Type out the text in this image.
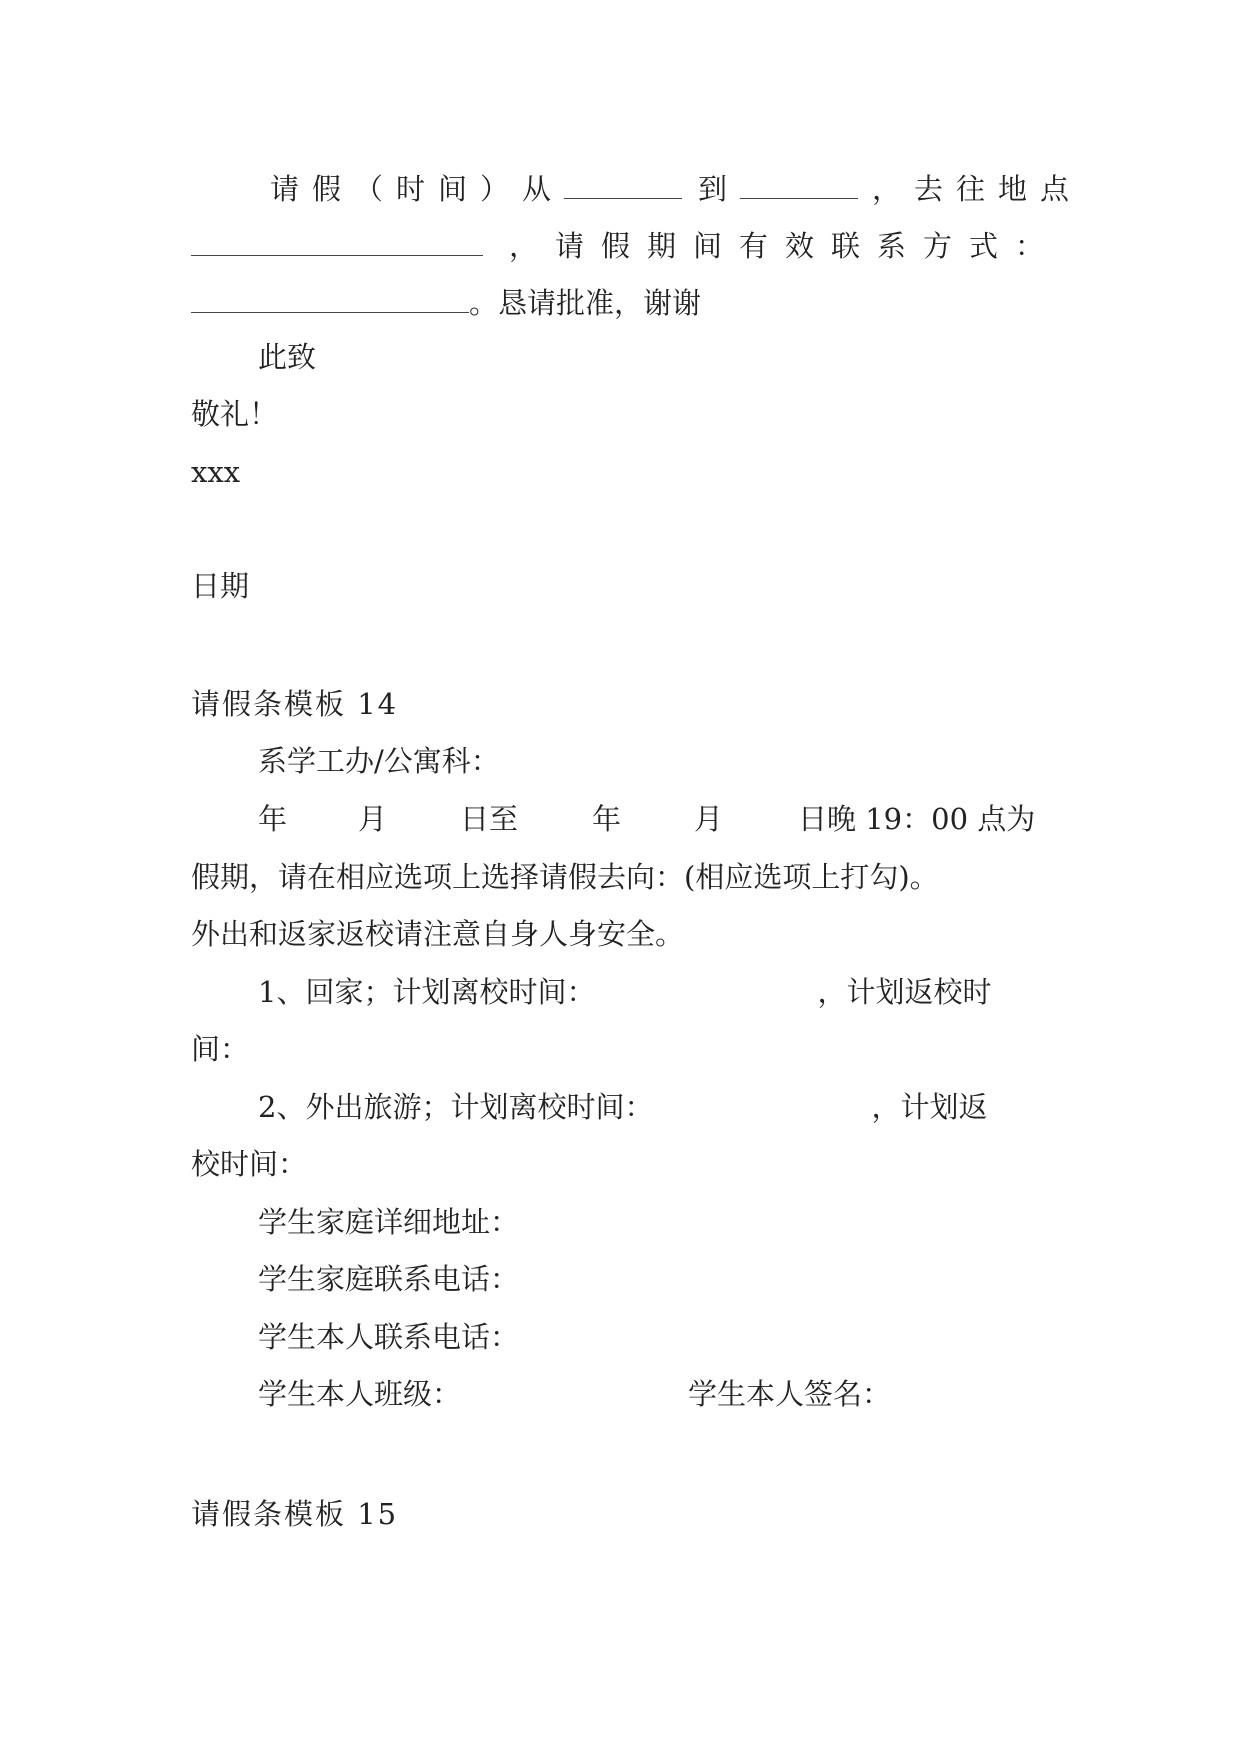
请假（时间）从	到	，去往地点
，请假期间有效联系方式：
。恳请批准，谢谢
此致
敬礼！
xxx
日期
请假条模板 14
系学工办/公寓科：
年 月	日至	年	月	日晚 19：00 点为
假期，请在相应选项上选择请假去向：(相应选项上打勾)。
外出和返家返校请注意自身人身安全。
1、回家；计划离校时间：	，计划返校时
间：
2、外出旅游；计划离校时间：	，计划返
校时间：
学生家庭详细地址：
学生家庭联系电话：
学生本人联系电话：
学生本人班级：	学生本人签名：
请假条模板 15
